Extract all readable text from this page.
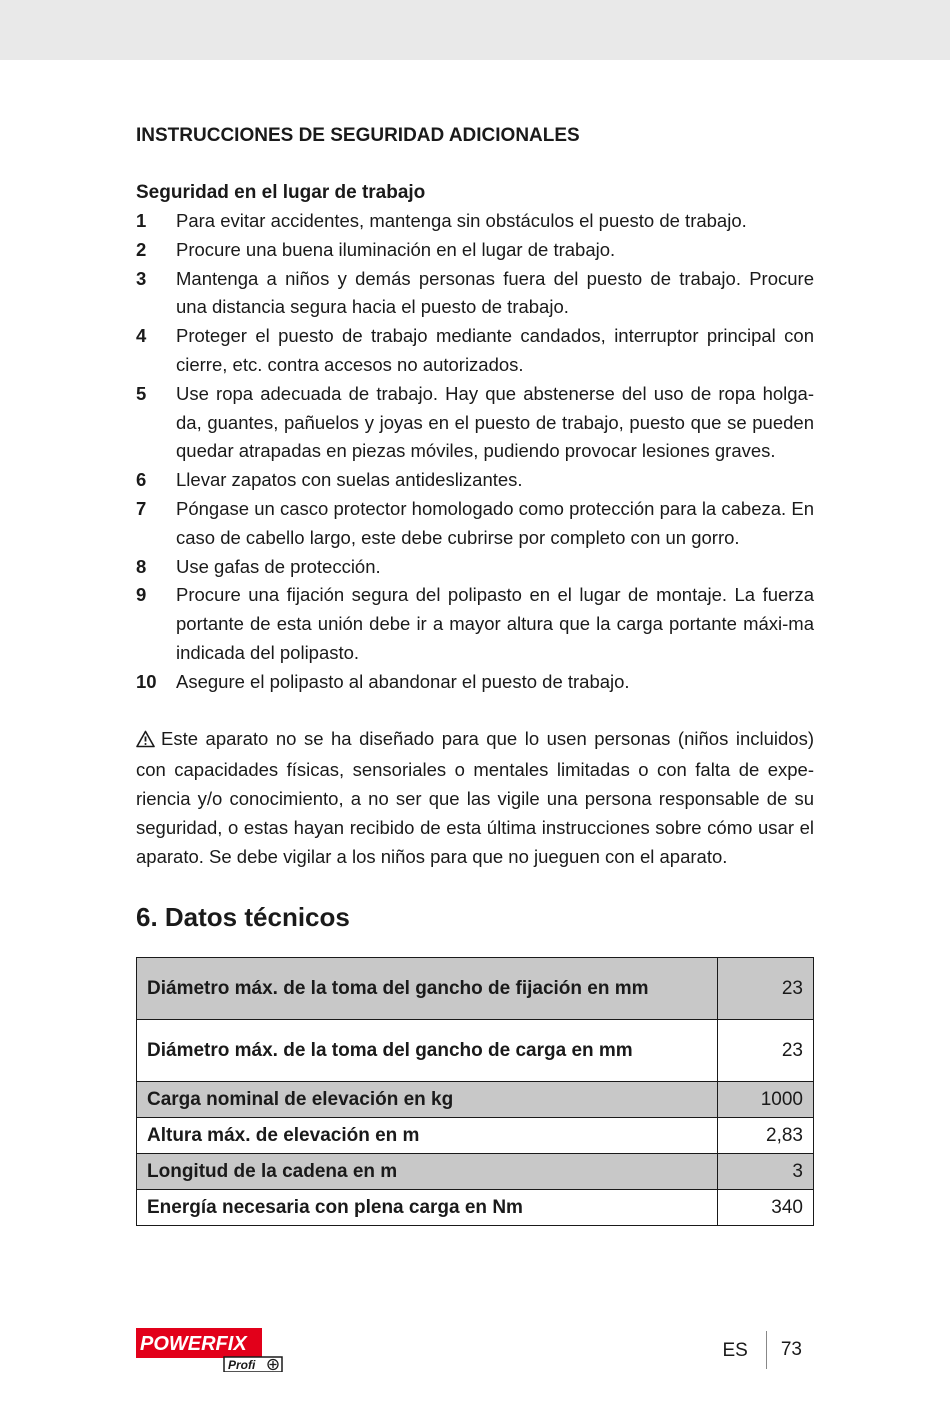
INSTRUCCIONES DE SEGURIDAD ADICIONALES
Seguridad en el lugar de trabajo
1	Para evitar accidentes, mantenga sin obstáculos el puesto de trabajo.
2	Procure una buena iluminación en el lugar de trabajo.
3	Mantenga a niños y demás personas fuera del puesto de trabajo. Procure una distancia segura hacia el puesto de trabajo.
4	Proteger el puesto de trabajo mediante candados, interruptor principal con cierre, etc. contra accesos no autorizados.
5	Use ropa adecuada de trabajo. Hay que abstenerse del uso de ropa holga-da, guantes, pañuelos y joyas en el puesto de trabajo, puesto que se pueden quedar atrapadas en piezas móviles, pudiendo provocar lesiones graves.
6	Llevar zapatos con suelas antideslizantes.
7	Póngase un casco protector homologado como protección para la cabeza. En caso de cabello largo, este debe cubrirse por completo con un gorro.
8	Use gafas de protección.
9	Procure una fijación segura del polipasto en el lugar de montaje. La fuerza portante de esta unión debe ir a mayor altura que la carga portante máxi-ma indicada del polipasto.
10	Asegure el polipasto al abandonar el puesto de trabajo.

Este aparato no se ha diseñado para que lo usen personas (niños incluidos) con capacidades físicas, sensoriales o mentales limitadas o con falta de expe-riencia y/o conocimiento, a no ser que las vigile una persona responsable de su seguridad, o estas hayan recibido de esta última instrucciones sobre cómo usar el aparato. Se debe vigilar a los niños para que no jueguen con el aparato.

6. Datos técnicos
Diámetro máx. de la toma del gancho de fijación en mm	23
Diámetro máx. de la toma del gancho de carga en mm	23
Carga nominal de elevación en kg	1000
Altura máx. de elevación en m	2,83
Longitud de la cadena en m	3
Energía necesaria con plena carga en Nm	340
POWERFIX
Profi
ES	73
